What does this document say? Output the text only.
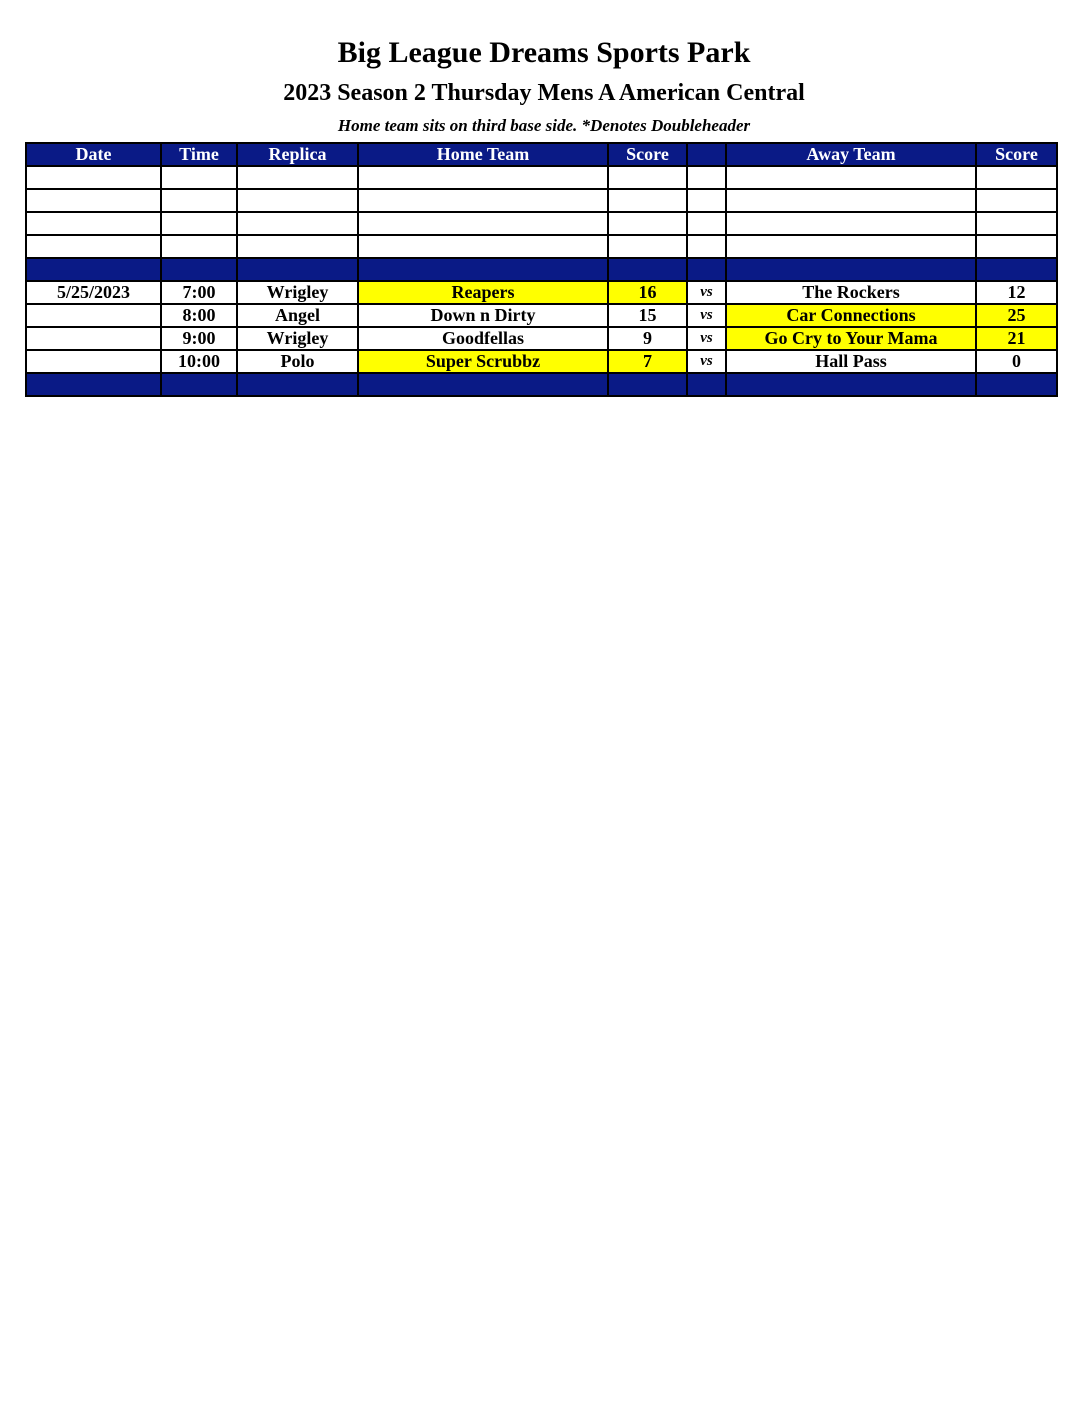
Big League Dreams Sports Park
2023 Season 2 Thursday Mens A American Central
Home team sits on third base side. *Denotes Doubleheader
Date	Time	Replica	Home Team	Score		Away Team	Score

5/25/2023	7:00	Wrigley	Reapers	16	vs	The Rockers	12
	8:00	Angel	Down n Dirty	15	vs	Car Connections	25
	9:00	Wrigley	Goodfellas	9	vs	Go Cry to Your Mama	21
	10:00	Polo	Super Scrubbz	7	vs	Hall Pass	0
